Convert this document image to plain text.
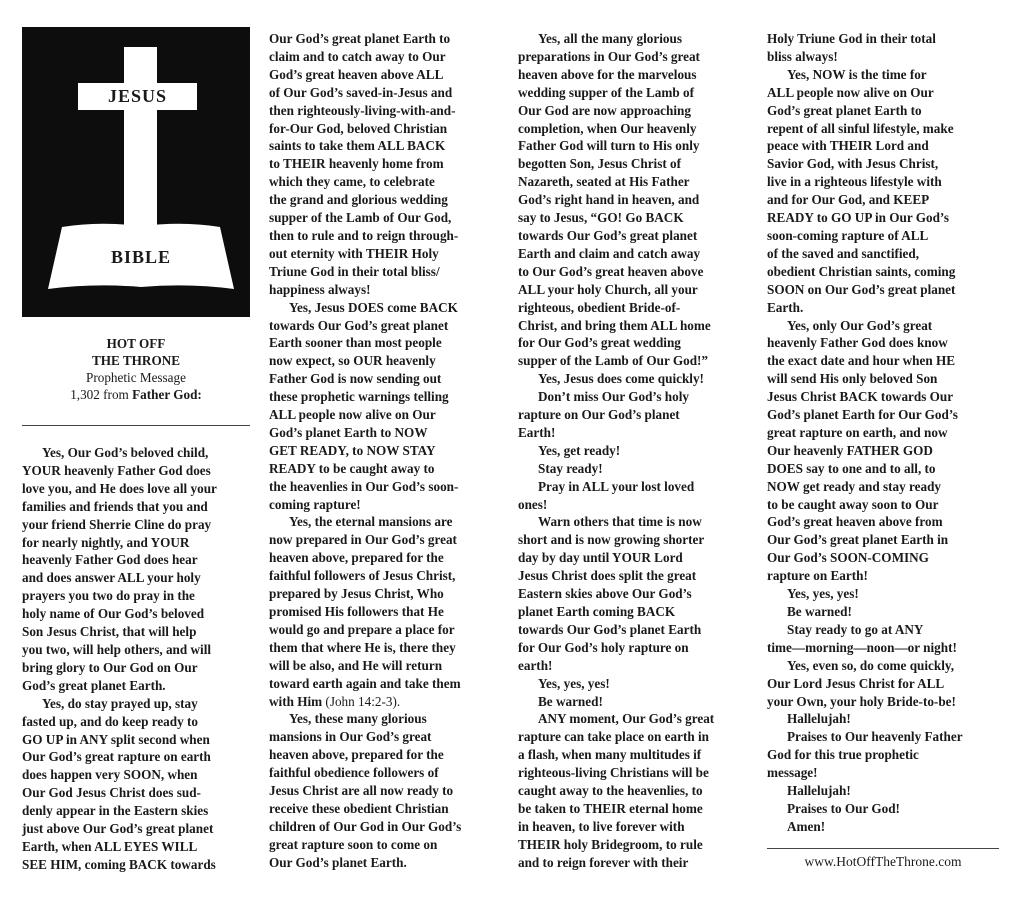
JESUS
BIBLE
HOT OFF
THE THRONE
Prophetic Message
1,302 from Father God:
Yes, Our God’s beloved child,
YOUR heavenly Father God does
love you, and He does love all your
families and friends that you and
your friend Sherrie Cline do pray
for nearly nightly, and YOUR
heavenly Father God does hear
and does answer ALL your holy
prayers you two do pray in the
holy name of Our God’s beloved
Son Jesus Christ, that will help
you two, will help others, and will
bring glory to Our God on Our
God’s great planet Earth.
Yes, do stay prayed up, stay
fasted up, and do keep ready to
GO UP in ANY split second when
Our God’s great rapture on earth
does happen very SOON, when
Our God Jesus Christ does sud-
denly appear in the Eastern skies
just above Our God’s great planet
Earth, when ALL EYES WILL
SEE HIM, coming BACK towards
Our God’s great planet Earth to
claim and to catch away to Our
God’s great heaven above ALL
of Our God’s saved-in-Jesus and
then righteously-living-with-and-
for-Our God, beloved Christian
saints to take them ALL BACK
to THEIR heavenly home from
which they came, to celebrate
the grand and glorious wedding
supper of the Lamb of Our God,
then to rule and to reign through-
out eternity with THEIR Holy
Triune God in their total bliss/
happiness always!
Yes, Jesus DOES come BACK
towards Our God’s great planet
Earth sooner than most people
now expect, so OUR heavenly
Father God is now sending out
these prophetic warnings telling
ALL people now alive on Our
God’s planet Earth to NOW
GET READY, to NOW STAY
READY to be caught away to
the heavenlies in Our God’s soon-
coming rapture!
Yes, the eternal mansions are
now prepared in Our God’s great
heaven above, prepared for the
faithful followers of Jesus Christ,
prepared by Jesus Christ, Who
promised His followers that He
would go and prepare a place for
them that where He is, there they
will be also, and He will return
toward earth again and take them
with Him (John 14:2-3).
Yes, these many glorious
mansions in Our God’s great
heaven above, prepared for the
faithful obedience followers of
Jesus Christ are all now ready to
receive these obedient Christian
children of Our God in Our God’s
great rapture soon to come on
Our God’s planet Earth.
Yes, all the many glorious
preparations in Our God’s great
heaven above for the marvelous
wedding supper of the Lamb of
Our God are now approaching
completion, when Our heavenly
Father God will turn to His only
begotten Son, Jesus Christ of
Nazareth, seated at His Father
God’s right hand in heaven, and
say to Jesus, “GO! Go BACK
towards Our God’s great planet
Earth and claim and catch away
to Our God’s great heaven above
ALL your holy Church, all your
righteous, obedient Bride-of-
Christ, and bring them ALL home
for Our God’s great wedding
supper of the Lamb of Our God!”
Yes, Jesus does come quickly!
Don’t miss Our God’s holy
rapture on Our God’s planet
Earth!
Yes, get ready!
Stay ready!
Pray in ALL your lost loved
ones!
Warn others that time is now
short and is now growing shorter
day by day until YOUR Lord
Jesus Christ does split the great
Eastern skies above Our God’s
planet Earth coming BACK
towards Our God’s planet Earth
for Our God’s holy rapture on
earth!
Yes, yes, yes!
Be warned!
ANY moment, Our God’s great
rapture can take place on earth in
a flash, when many multitudes if
righteous-living Christians will be
caught away to the heavenlies, to
be taken to THEIR eternal home
in heaven, to live forever with
THEIR holy Bridegroom, to rule
and to reign forever with their
Holy Triune God in their total
bliss always!
Yes, NOW is the time for
ALL people now alive on Our
God’s great planet Earth to
repent of all sinful lifestyle, make
peace with THEIR Lord and
Savior God, with Jesus Christ,
live in a righteous lifestyle with
and for Our God, and KEEP
READY to GO UP in Our God’s
soon-coming rapture of ALL
of the saved and sanctified,
obedient Christian saints, coming
SOON on Our God’s great planet
Earth.
Yes, only Our God’s great
heavenly Father God does know
the exact date and hour when HE
will send His only beloved Son
Jesus Christ BACK towards Our
God’s planet Earth for Our God’s
great rapture on earth, and now
Our heavenly FATHER GOD
DOES say to one and to all, to
NOW get ready and stay ready
to be caught away soon to Our
God’s great heaven above from
Our God’s great planet Earth in
Our God’s SOON-COMING
rapture on Earth!
Yes, yes, yes!
Be warned!
Stay ready to go at ANY
time—morning—noon—or night!
Yes, even so, do come quickly,
Our Lord Jesus Christ for ALL
your Own, your holy Bride-to-be!
Hallelujah!
Praises to Our heavenly Father
God for this true prophetic
message!
Hallelujah!
Praises to Our God!
Amen!
www.HotOffTheThrone.com
